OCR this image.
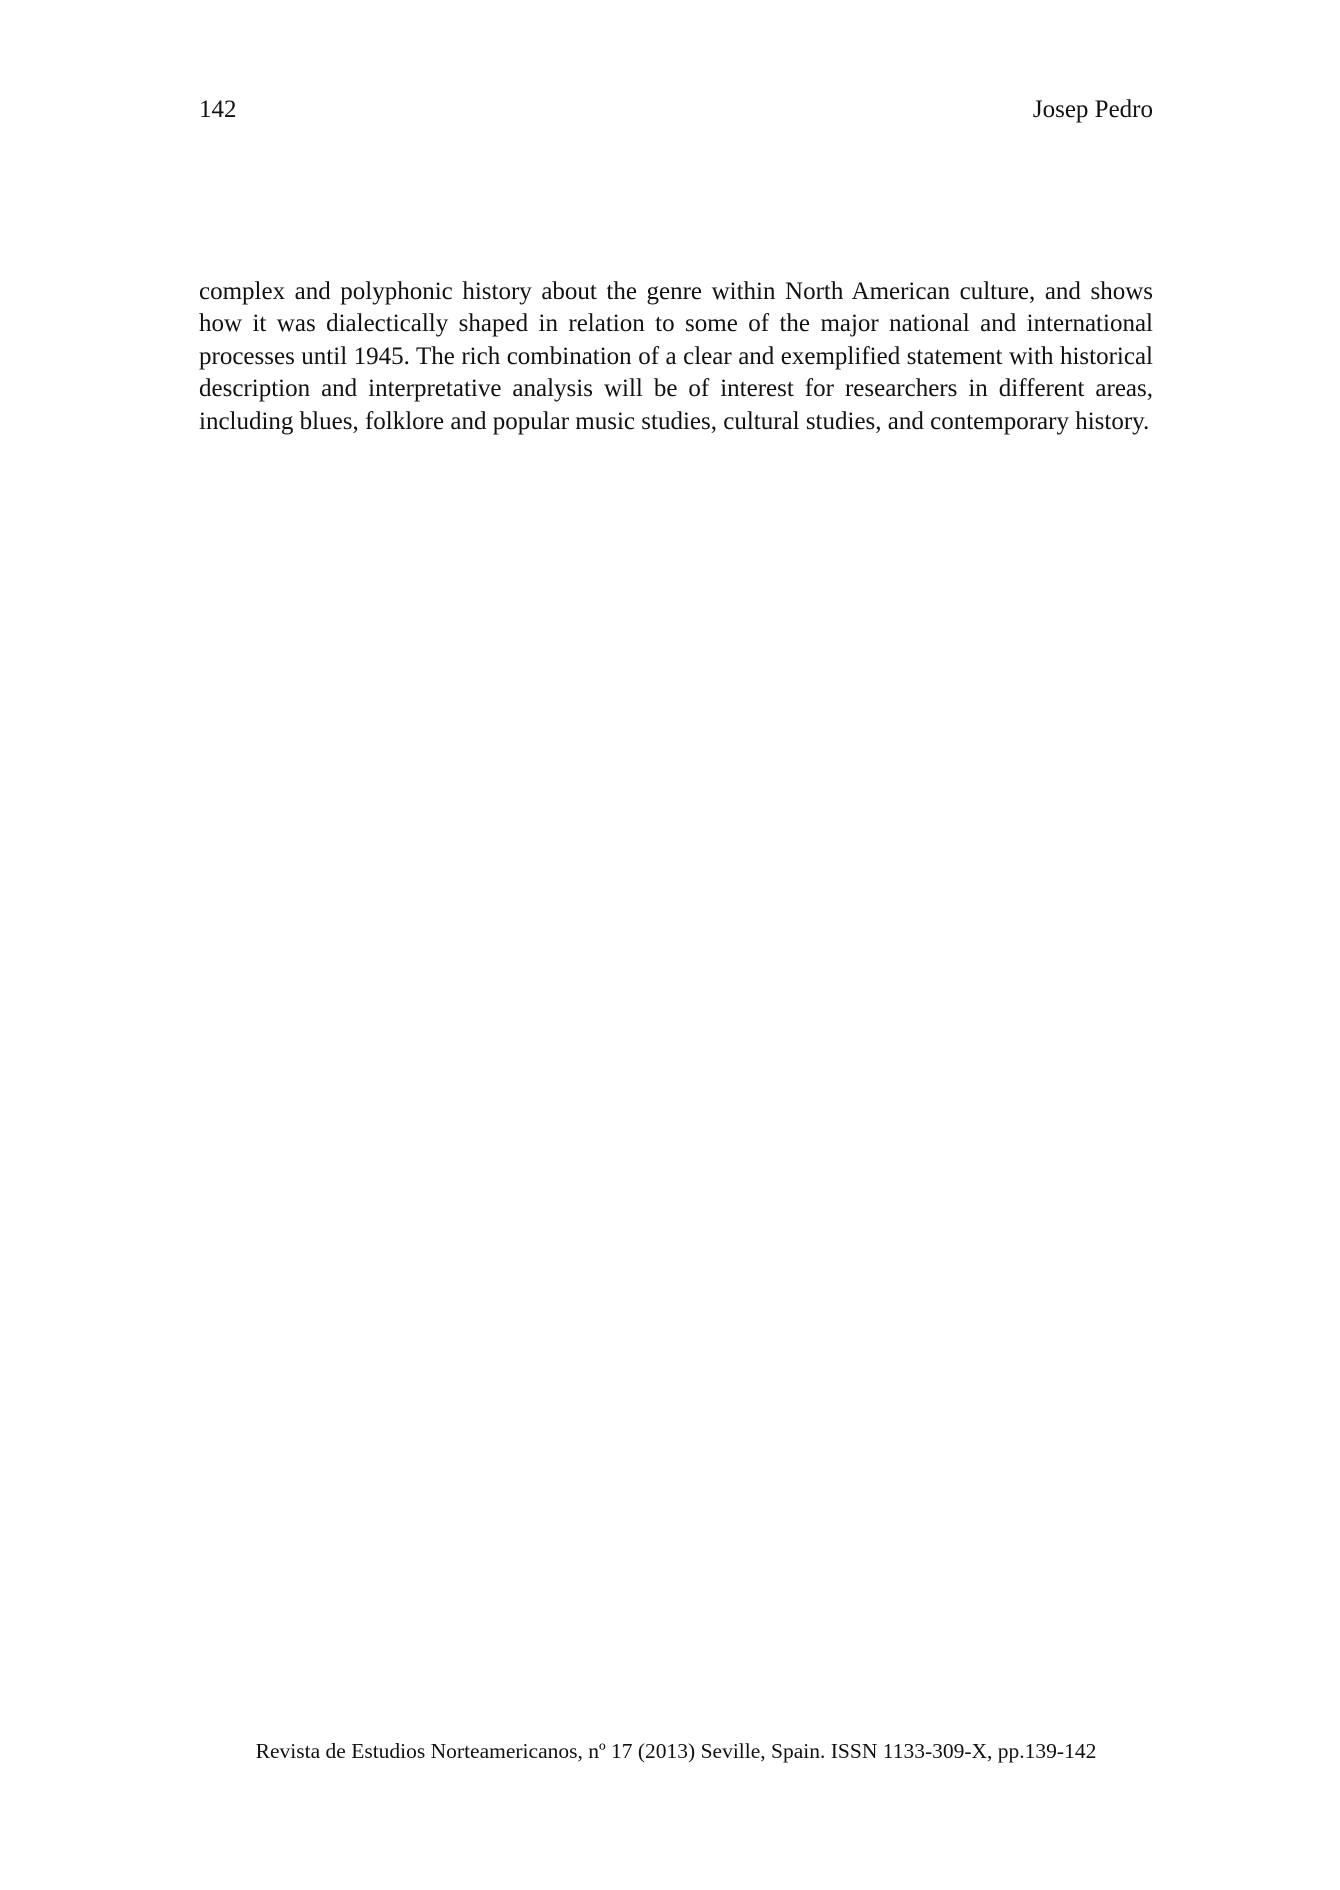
142	Josep Pedro

complex and polyphonic history about the genre within North American culture, and shows how it was dialectically shaped in relation to some of the major national and international processes until 1945. The rich combination of a clear and exemplified statement with historical description and interpretative analysis will be of interest for researchers in different areas, including blues, folklore and popular music studies, cultural studies, and contemporary history.

Revista de Estudios Norteamericanos, nº 17 (2013) Seville, Spain. ISSN 1133-309-X, pp.139-142
